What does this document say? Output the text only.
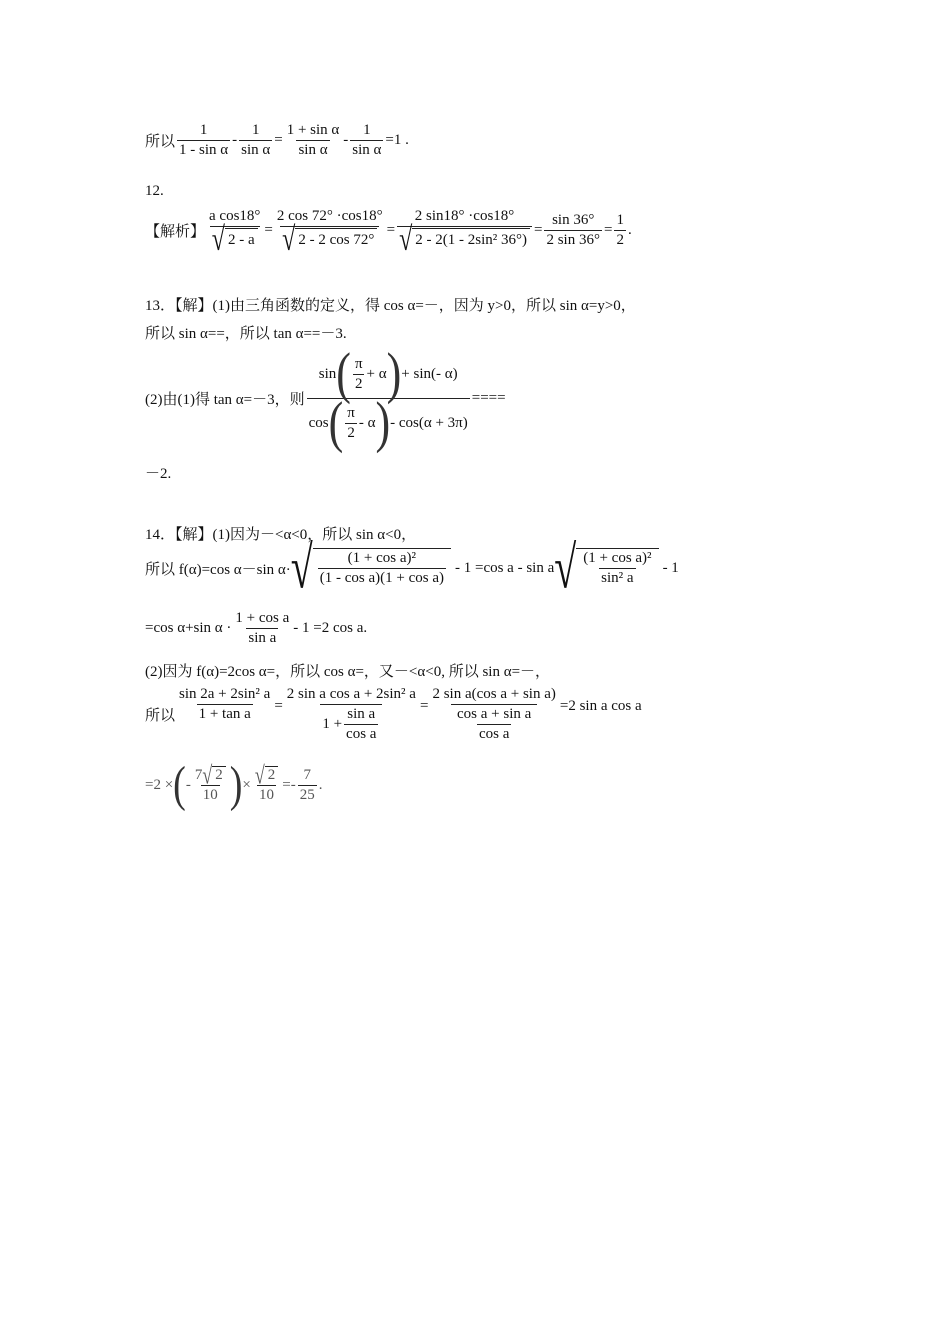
所以
1
1 - sin α
- $\frac{1}{\text{sin α}} = \frac{\text{1 + sin α}}{\text{sin α}} - \frac{1}{\text{sin α}} =1$ .
12.
【解析】 $\frac{\text{a cos18°}}{√ 2 - a} = \frac{2 \cos 72^\circ \cdot\cos 18^\circ}{√ 2 - 2 \cos 72^\circ} = \frac{2 \sin 18^\circ \cdot\cos 18^\circ}{\text{√ 2 - 2(1 - 2sin² 36°)}} = \frac{\sin 36^\circ}{2 \sin 36^\circ} = \frac{1}{2}$ .
13．【解】(1)由三角函数的定义，得 cos α=－，因为 y>0，所以 sin α=y>0，
所以 sin α==，所以 tan α==－3.
(2)由(1)得 tan α=－3，则 sin ( π
2
+ α ) + sin(- α)
cos ( π
2
- α ) - cos(α + 3π) ====
－2.
14．【解】(1)因为－<α<0，所以 sin α<0，
所以 f(α)=cos α－sin α· √ (1 + cos a)²
(1 - cos a)(1 + cos a)
- 1 =cos a - sin a √ (1 + cos a)²
sin² a
- 1
=cos α+sin α ·
1 + cos a
sin a
- 1 =2 cos a.
(2)因为 f(α)=2cos α=，所以 cos α=，又－<α<0, 所以 sin α=－，
所以 $\frac{\text{sin 2a + 2sin² a}}{\text{1 + tan a}} = \frac{\text{2 sin a cos a + 2sin² a}}{1 + \frac{\text{sin a}}{\text{cos a}}} = \frac{\text{2 sin a(cos a + sin a)}}{\frac{\text{cos a + sin a}}{\text{cos a}}} =2$ sin a cos a
=2 × ( -
7 √ 2
10 ) × $\frac{√ 2}{10}$ =-
7
25
.
